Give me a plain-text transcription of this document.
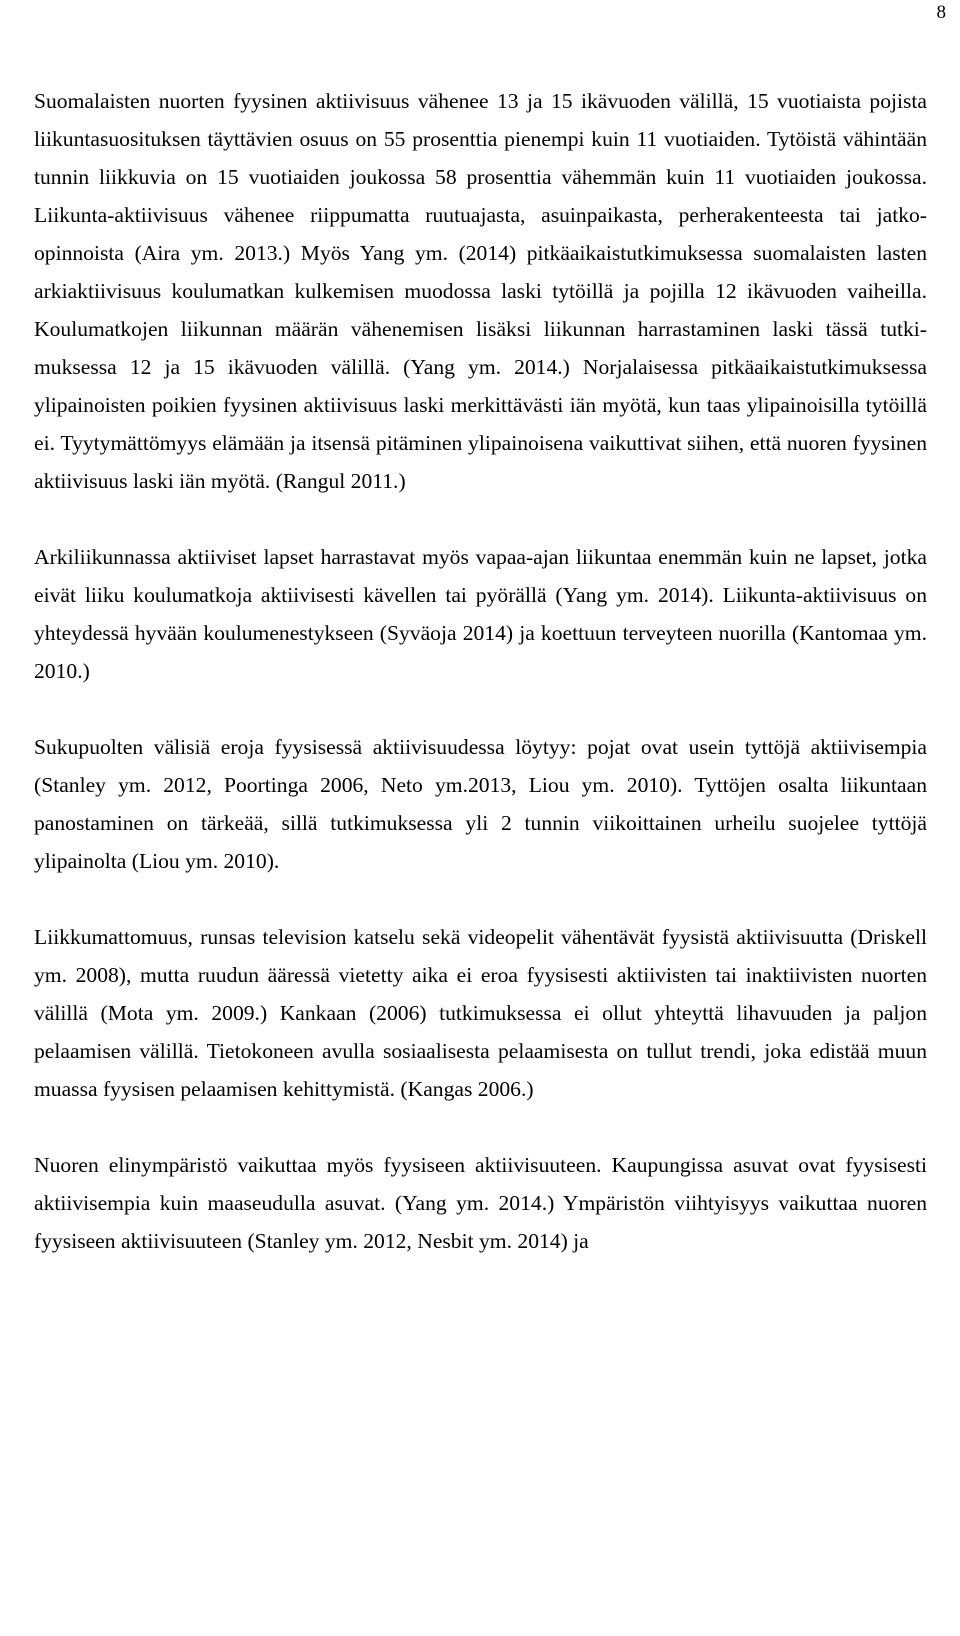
8

Suomalaisten nuorten fyysinen aktiivisuus vähenee 13 ja 15 ikävuoden välillä, 15 vuotiaista pojista liikuntasuosituksen täyttävien osuus on 55 prosenttia pienempi kuin 11 vuotiaiden. Tytöistä vähintään tunnin liikkuvia on 15 vuotiaiden joukossa 58 prosenttia vähemmän kuin 11 vuotiaiden joukossa. Liikunta-aktiivisuus vähenee riippumatta ruutuajasta, asuinpaikasta, perherakenteesta tai jatko-opinnoista (Aira ym. 2013.) Myös Yang ym. (2014) pitkäaikaistutkimuksessa suomalaisten lasten arkiaktiivisuus koulumatkan kulkemisen muodossa laski tytöillä ja pojilla 12 ikävuoden vaiheilla. Koulumatkojen liikunnan määrän vähenemisen lisäksi liikunnan harrastaminen laski tässä tutkimuksessa 12 ja 15 ikävuoden välillä. (Yang ym. 2014.) Norjalaisessa pitkäaikaistutkimuksessa ylipainoisten poikien fyysinen aktiivisuus laski merkittävästi iän myötä, kun taas ylipainoisilla tytöillä ei. Tyytymättömyys elämään ja itsensä pitäminen ylipainoisena vaikuttivat siihen, että nuoren fyysinen aktiivisuus laski iän myötä. (Rangul 2011.)

Arkiliikunnassa aktiiviset lapset harrastavat myös vapaa-ajan liikuntaa enemmän kuin ne lapset, jotka eivät liiku koulumatkoja aktiivisesti kävellen tai pyörällä (Yang ym. 2014). Liikunta-aktiivisuus on yhteydessä hyvään koulumenestykseen (Syväoja 2014) ja koettuun terveyteen nuorilla (Kantomaa ym. 2010.)

Sukupuolten välisiä eroja fyysisessä aktiivisuudessa löytyy: pojat ovat usein tyttöjä aktiivisempia (Stanley ym. 2012, Poortinga 2006, Neto ym.2013, Liou ym. 2010). Tyttöjen osalta liikuntaan panostaminen on tärkeää, sillä tutkimuksessa yli 2 tunnin viikoittainen urheilu suojelee tyttöjä ylipainolta (Liou ym. 2010).

Liikkumattomuus, runsas television katselu sekä videopelit vähentävät fyysistä aktiivisuutta (Driskell ym. 2008), mutta ruudun ääressä vietetty aika ei eroa fyysisesti aktiivisten tai inaktiivisten nuorten välillä (Mota ym. 2009.) Kankaan (2006) tutkimuksessa ei ollut yhteyttä lihavuuden ja paljon pelaamisen välillä. Tietokoneen avulla sosiaalisesta pelaamisesta on tullut trendi, joka edistää muun muassa fyysisen pelaamisen kehittymistä. (Kangas 2006.)

Nuoren elinympäristö vaikuttaa myös fyysiseen aktiivisuuteen. Kaupungissa asuvat ovat fyysisesti aktiivisempia kuin maaseudulla asuvat. (Yang ym. 2014.) Ympäristön viihtyisyys vaikuttaa nuoren fyysiseen aktiivisuuteen (Stanley ym. 2012, Nesbit ym. 2014) ja
